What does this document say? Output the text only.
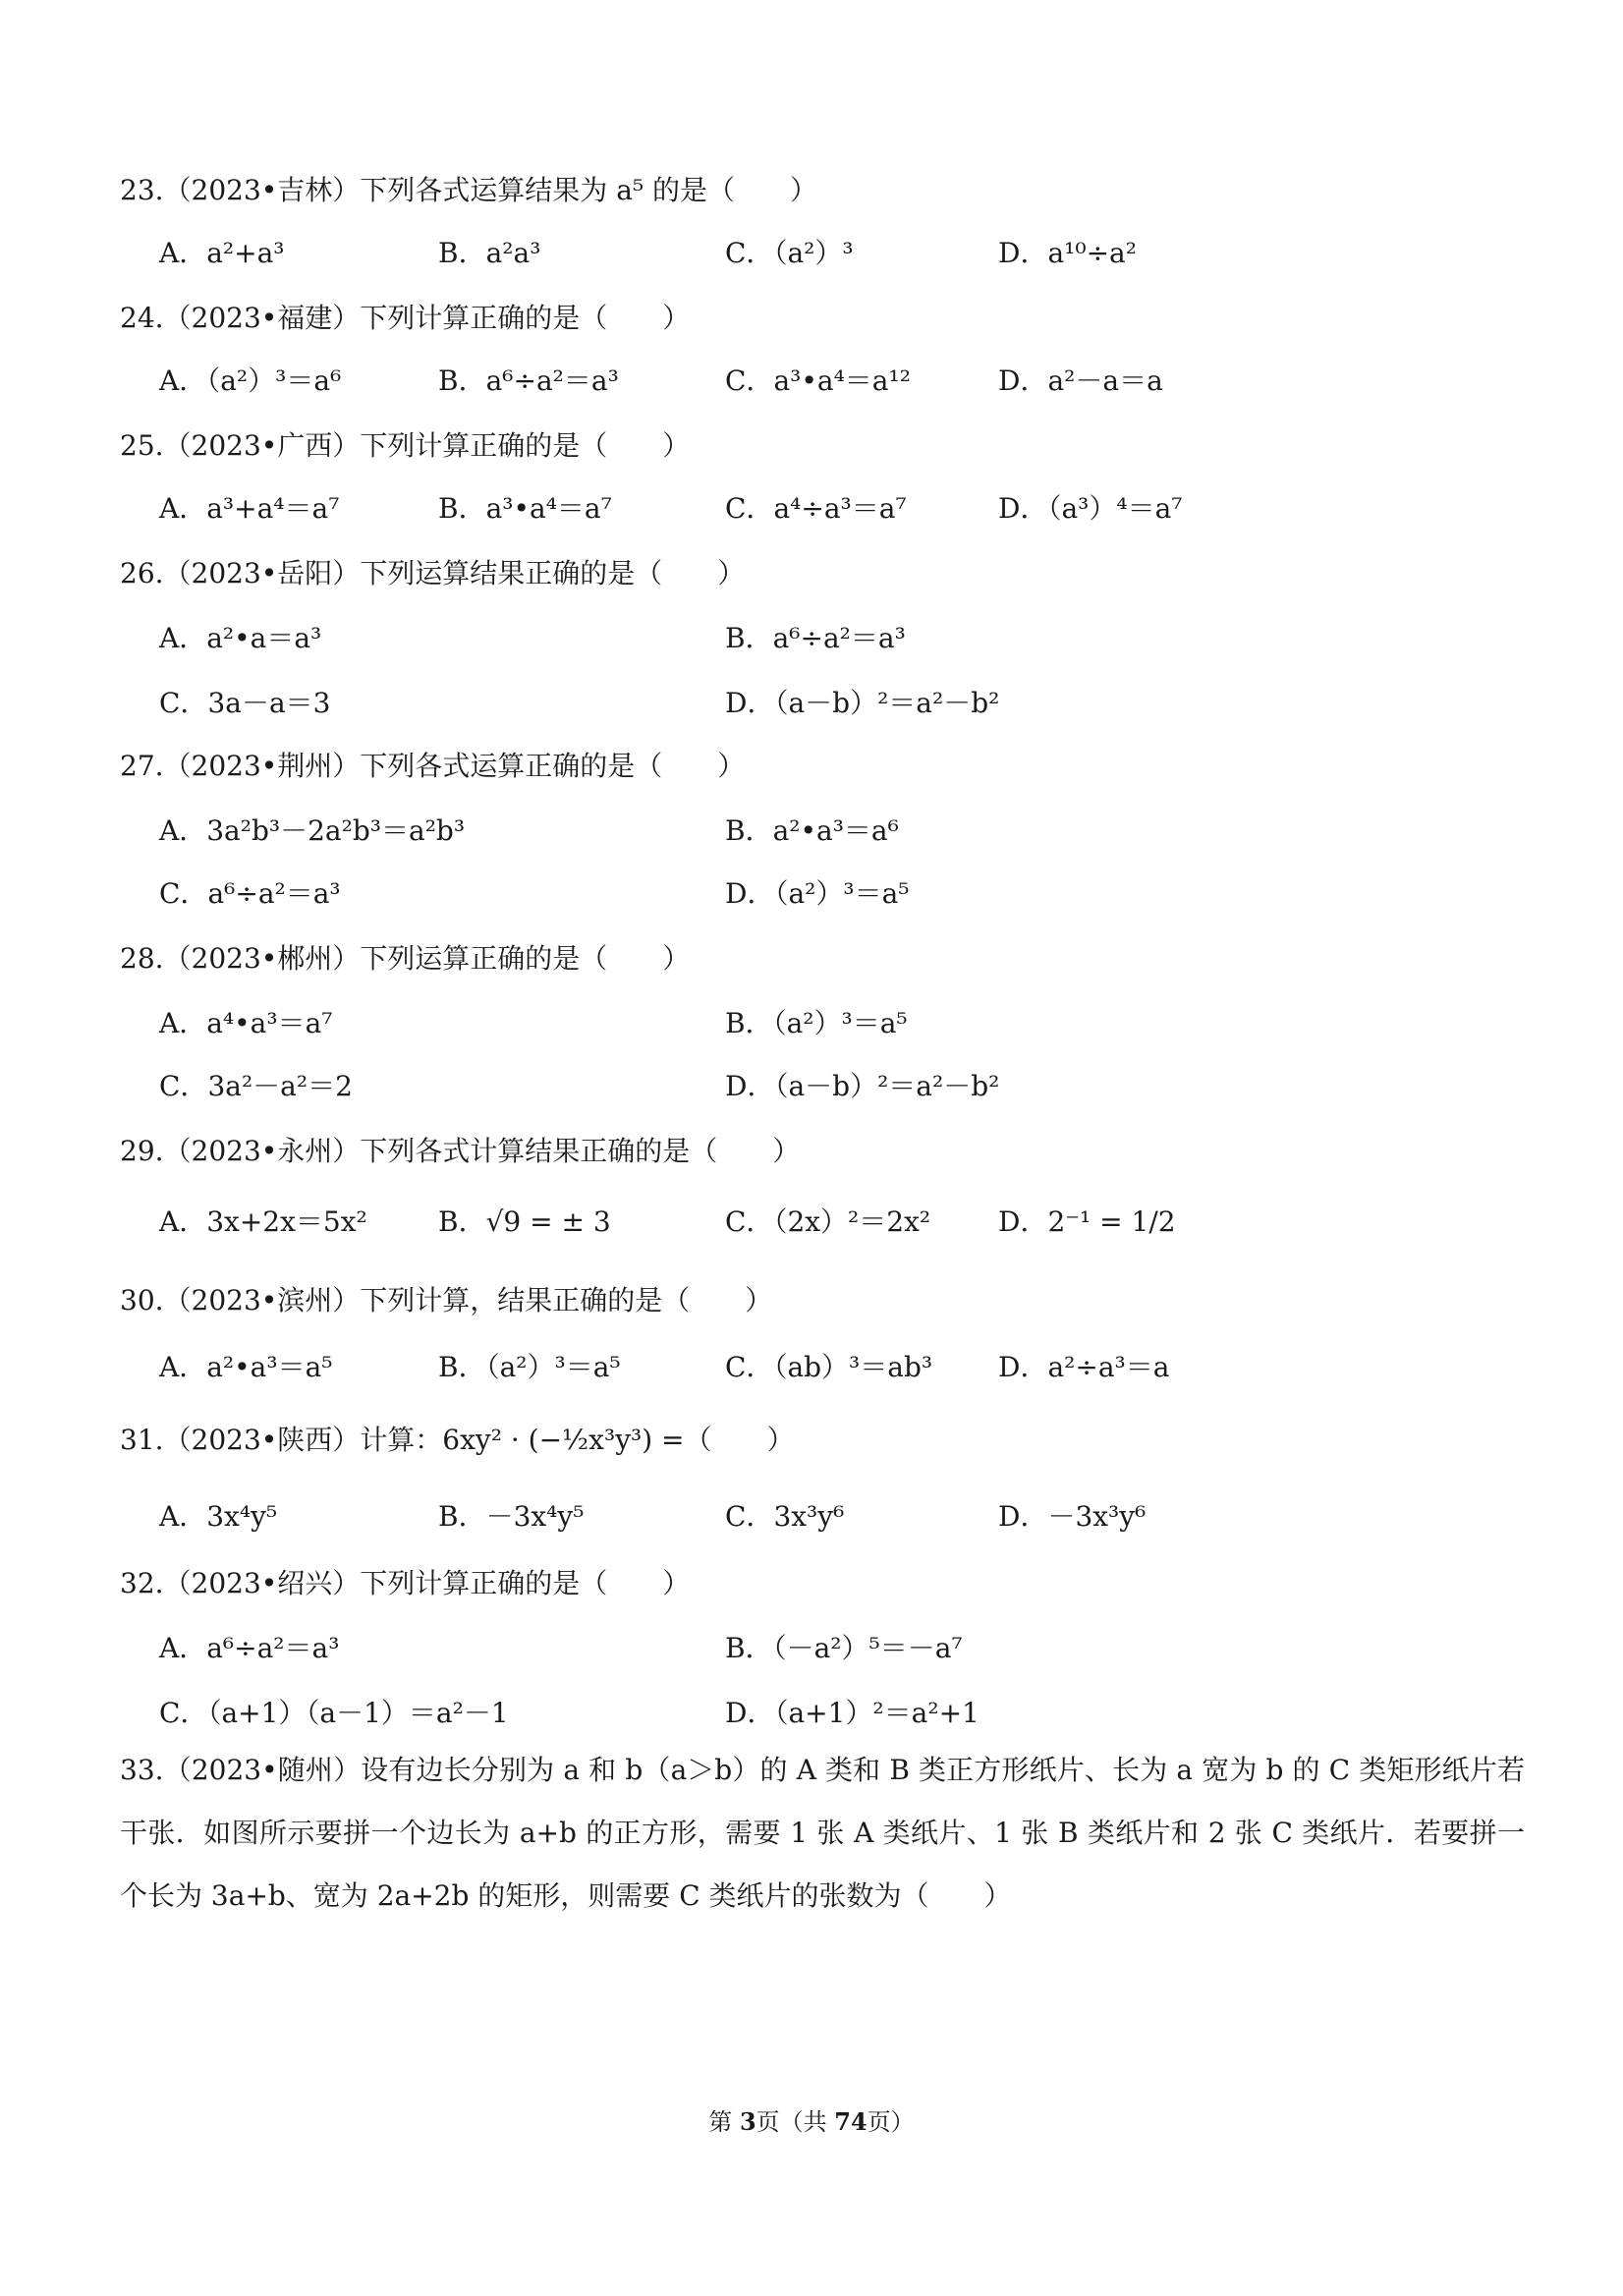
23.（2023•吉林）下列各式运算结果为 a⁵ 的是（　　）
A．a²+a³	B．a²a³	C．（a²）³	D．a¹⁰÷a²
24.（2023•福建）下列计算正确的是（　　）
A．（a²）³＝a⁶	B．a⁶÷a²＝a³	C．a³•a⁴＝a¹²	D．a²－a＝a
25.（2023•广西）下列计算正确的是（　　）
A．a³+a⁴＝a⁷	B．a³•a⁴＝a⁷	C．a⁴÷a³＝a⁷	D．（a³）⁴＝a⁷
26.（2023•岳阳）下列运算结果正确的是（　　）
A．a²•a＝a³	B．a⁶÷a²＝a³
C．3a－a＝3	D．（a－b）²＝a²－b²
27.（2023•荆州）下列各式运算正确的是（　　）
A．3a²b³－2a²b³＝a²b³	B．a²•a³＝a⁶
C．a⁶÷a²＝a³	D．（a²）³＝a⁵
28.（2023•郴州）下列运算正确的是（　　）
A．a⁴•a³＝a⁷	B．（a²）³＝a⁵
C．3a²－a²＝2	D．（a－b）²＝a²－b²
29.（2023•永州）下列各式计算结果正确的是（　　）
A．3x+2x＝5x²	B．√9 = ± 3	C．（2x）²＝2x² D．2⁻¹ = 1/2
30.（2023•滨州）下列计算，结果正确的是（　　）
A．a²•a³＝a⁵	B．（a²）³＝a⁵	C．（ab）³＝ab³ D．a²÷a³＝a
31.（2023•陕西）计算：6xy² · (−½x³y³) =（　　）
A．3x⁴y⁵	B．－3x⁴y⁵	C．3x³y⁶	D．－3x³y⁶
32.（2023•绍兴）下列计算正确的是（　　）
A．a⁶÷a²＝a³	B．（－a²）⁵＝－a⁷
C．（a+1）（a－1）＝a²－1	D．（a+1）²＝a²+1
33.（2023•随州）设有边长分别为 a 和 b（a＞b）的 A 类和 B 类正方形纸片、长为 a 宽为 b 的 C 类矩形纸片若干张．如图所示要拼一个边长为 a+b 的正方形，需要 1 张 A 类纸片、1 张 B 类纸片和 2 张 C 类纸片．若要拼一个长为 3a+b、宽为 2a+2b 的矩形，则需要 C 类纸片的张数为（　　）
第 3页（共 74页）
